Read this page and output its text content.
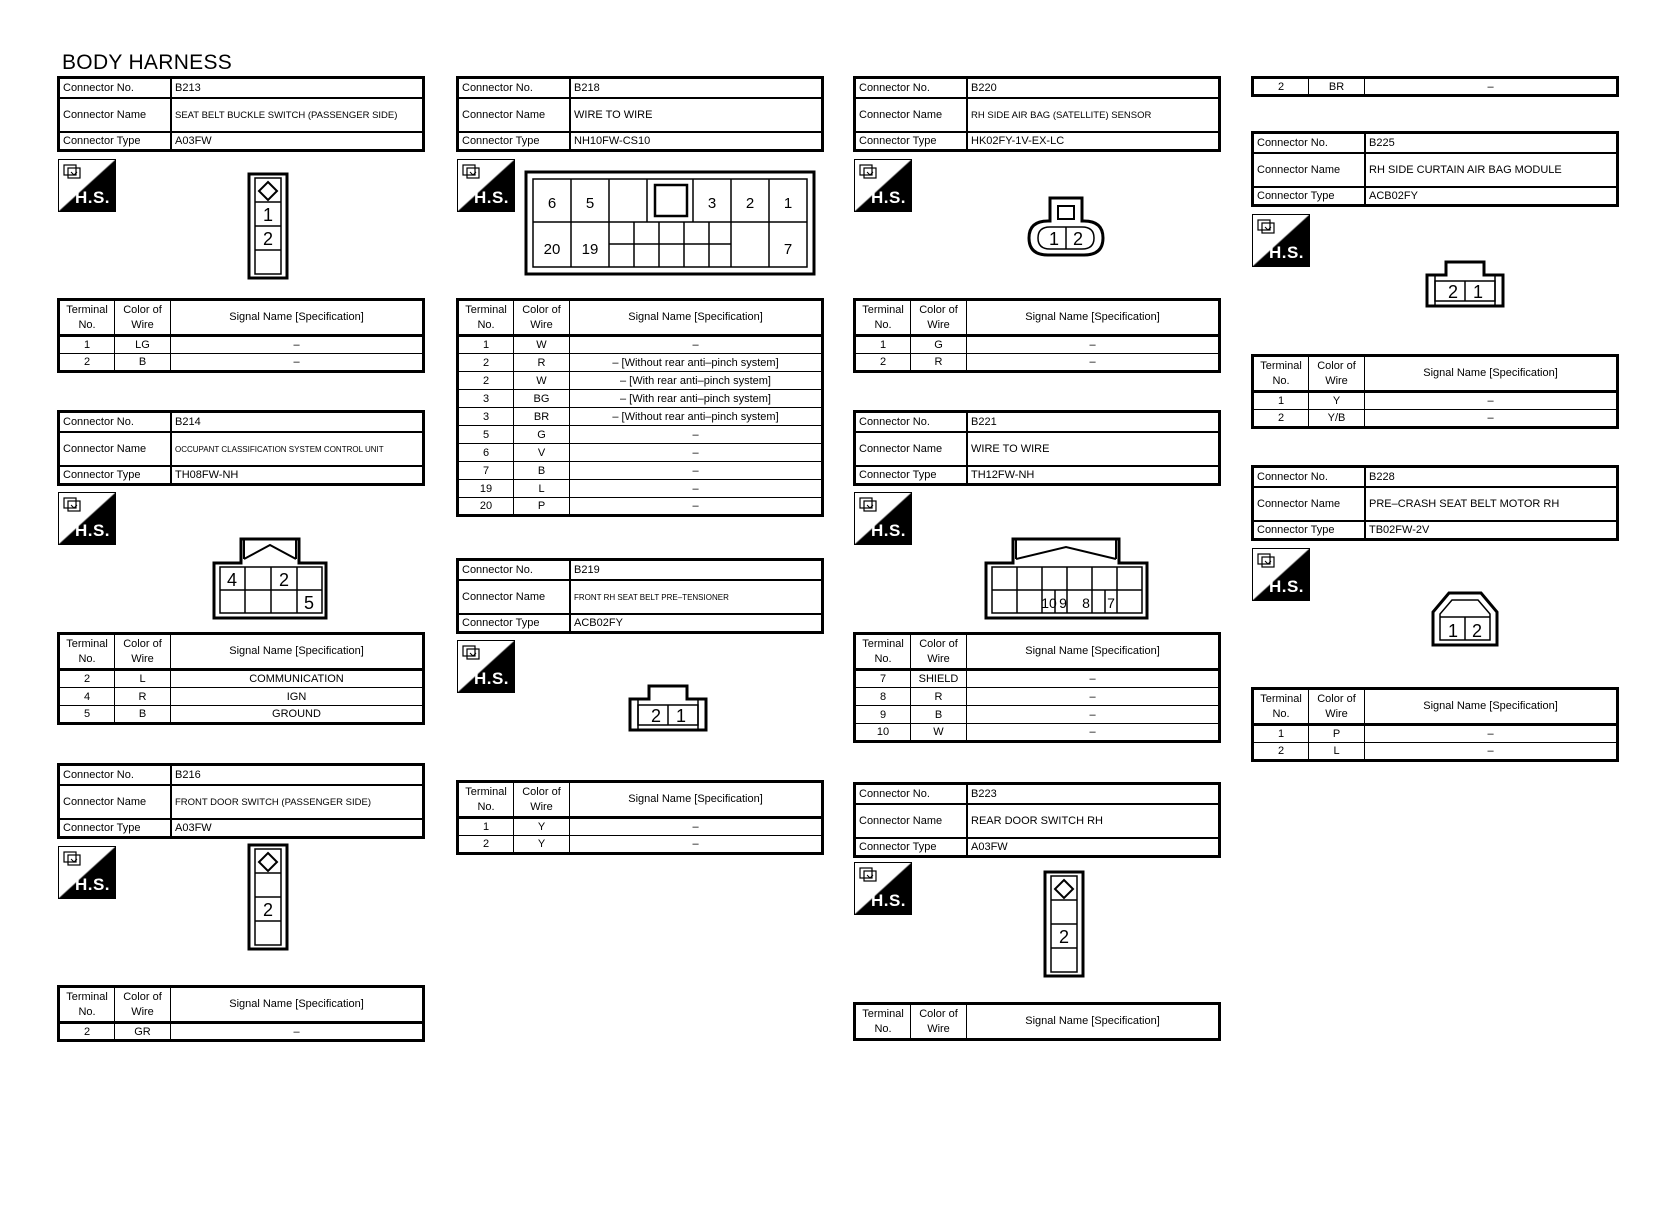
BODY HARNESS
Connector No.	B213
Connector Name	SEAT BELT BUCKLE SWITCH (PASSENGER SIDE)
Connector Type	A03FW
H.S.
1
2
Terminal No.	Color of Wire	Signal Name [Specification]
1	LG	–
2	B	–
Connector No.	B214
Connector Name	OCCUPANT CLASSIFICATION SYSTEM CONTROL UNIT
Connector Type	TH08FW-NH
H.S.
4 2
5
Terminal No.	Color of Wire	Signal Name [Specification]
2	L	COMMUNICATION
4	R	IGN
5	B	GROUND
Connector No.	B216
Connector Name	FRONT DOOR SWITCH (PASSENGER SIDE)
Connector Type	A03FW
H.S.
2
Terminal No.	Color of Wire	Signal Name [Specification]
2	GR	–
Connector No.	B218
Connector Name	WIRE TO WIRE
Connector Type	NH10FW-CS10
H.S.	6 5	3 2 1
20 19	7
Terminal No.	Color of Wire	Signal Name [Specification]
1	W	–
2	R	– [Without rear anti–pinch system]
2	W	– [With rear anti–pinch system]
3	BG	– [With rear anti–pinch system]
3	BR	– [Without rear anti–pinch system]
5	G	–
6	V	–
7	B	–
19	L	–
20	P	–
Connector No.	B219
Connector Name	FRONT RH SEAT BELT PRE–TENSIONER
Connector Type	ACB02FY
H.S.
2 1
Terminal No.	Color of Wire	Signal Name [Specification]
1	Y	–
2	Y	–
Connector No.	B220
Connector Name	RH SIDE AIR BAG (SATELLITE) SENSOR
Connector Type	HK02FY-1V-EX-LC
H.S.
1 2
Terminal No.	Color of Wire	Signal Name [Specification]
1	G	–
2	R	–
Connector No.	B221
Connector Name	WIRE TO WIRE
Connector Type	TH12FW-NH
H.S.
10 9 8 7
Terminal No.	Color of Wire	Signal Name [Specification]
7	SHIELD	–
8	R	–
9	B	–
10	W	–
Connector No.	B223
Connector Name	REAR DOOR SWITCH RH
Connector Type	A03FW
H.S.
2
Terminal No.	Color of Wire	Signal Name [Specification]
2	BR	–
Connector No.	B225
Connector Name	RH SIDE CURTAIN AIR BAG MODULE
Connector Type	ACB02FY
H.S.
2 1
Terminal No.	Color of Wire	Signal Name [Specification]
1	Y	–
2	Y/B	–
Connector No.	B228
Connector Name	PRE–CRASH SEAT BELT MOTOR RH
Connector Type	TB02FW-2V
H.S.
1 2
Terminal No.	Color of Wire	Signal Name [Specification]
1	P	–
2	L	–
